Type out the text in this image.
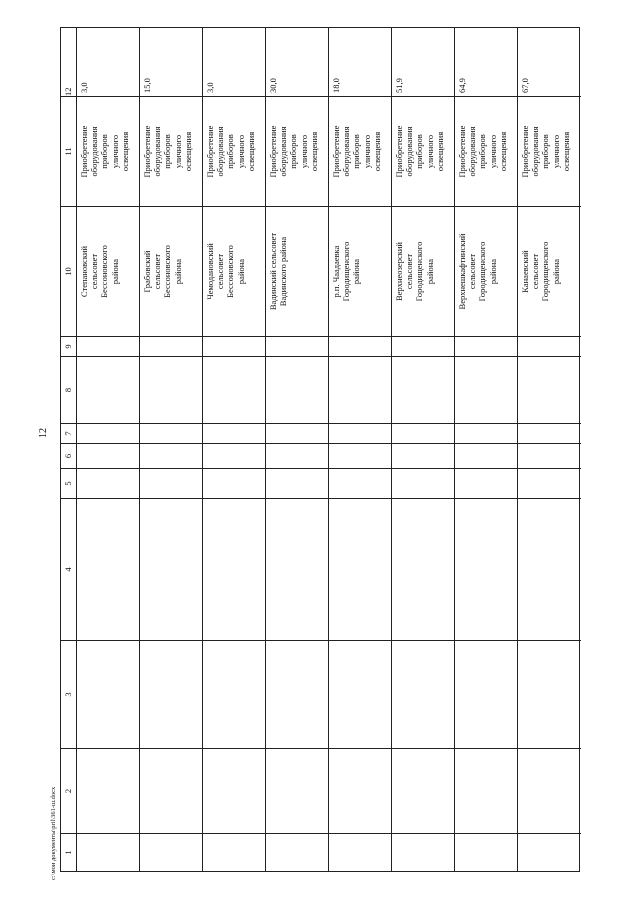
12
c:\мои документы\pril\361-ш.docx 1
2
3
4
5
6
7
8
9
10
11
12
Степановский сельсовет Бессоновского района
Приобретение оборудования приборов уличного освещения
3,0
Грабовский сельсовет Бессоновского района
Приобретение оборудования приборов уличного освещения
15,0
Чемодановский сельсовет Бессоновского района
Приобретение оборудования приборов уличного освещения
3,0
Вадинский сельсовет Вадинского района
Приобретение оборудования приборов уличного освещения
30,0
р.п. Чаадаевка Городищенского района
Приобретение оборудования приборов уличного освещения
18,0
Верхнеозерский сельсовет Городищенского района
Приобретение оборудования приборов уличного освещения
51,9
Верхнешкафтинский сельсовет Городищенского района
Приобретение оборудования приборов уличного освещения
64,9
Канаевский сельсовет Городищенского района
Приобретение оборудования приборов уличного освещения
67,0
